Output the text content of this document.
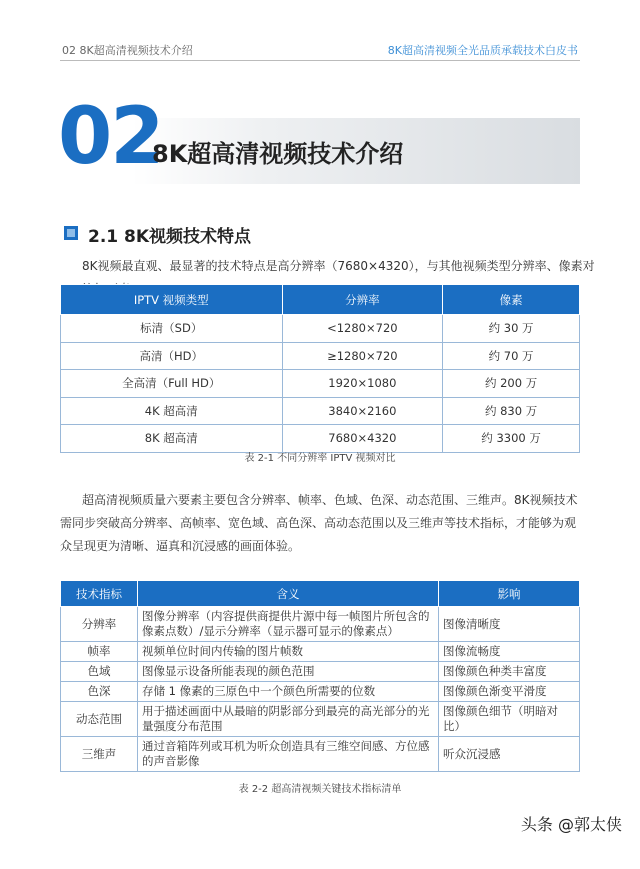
02 8K超高清视频技术介绍	8K超高清视频全光品质承载技术白皮书
02
8K超高清视频技术介绍
2.1 8K视频技术特点
8K视频最直观、最显著的技术特点是高分辨率（7680×4320），与其他视频类型分辨率、像素对
IPTV 视频类型	分辨率	像素
标清（SD）	<1280×720	约 30 万
高清（HD）	≥1280×720	约 70 万
全高清（Full HD）	1920×1080	约 200 万
4K 超高清	3840×2160	约 830 万
8K 超高清	7680×4320	约 3300 万
表 2-1 不同分辨率 IPTV 视频对比
超高清视频质量六要素主要包含分辨率、帧率、色域、色深、动态范围、三维声。8K视频技术需同步突破高分辨率、高帧率、宽色域、高色深、高动态范围以及三维声等技术指标，才能够为观众呈现更为清晰、逼真和沉浸感的画面体验。
技术指标	含义	影响
分辨率	图像分辨率（内容提供商提供片源中每一帧图片所包含的像素点数）/显示分辨率（显示器可显示的像素点）	图像清晰度
帧率	视频单位时间内传输的图片帧数	图像流畅度
色域	图像显示设备所能表现的颜色范围	图像颜色种类丰富度
色深	存储 1 像素的三原色中一个颜色所需要的位数	图像颜色渐变平滑度
动态范围	用于描述画面中从最暗的阴影部分到最亮的高光部分的光量强度分布范围	图像颜色细节（明暗对比）
三维声	通过音箱阵列或耳机为听众创造具有三维空间感、方位感的声音影像	听众沉浸感
表 2-2 超高清视频关键技术指标清单
头条 @郭太侠
